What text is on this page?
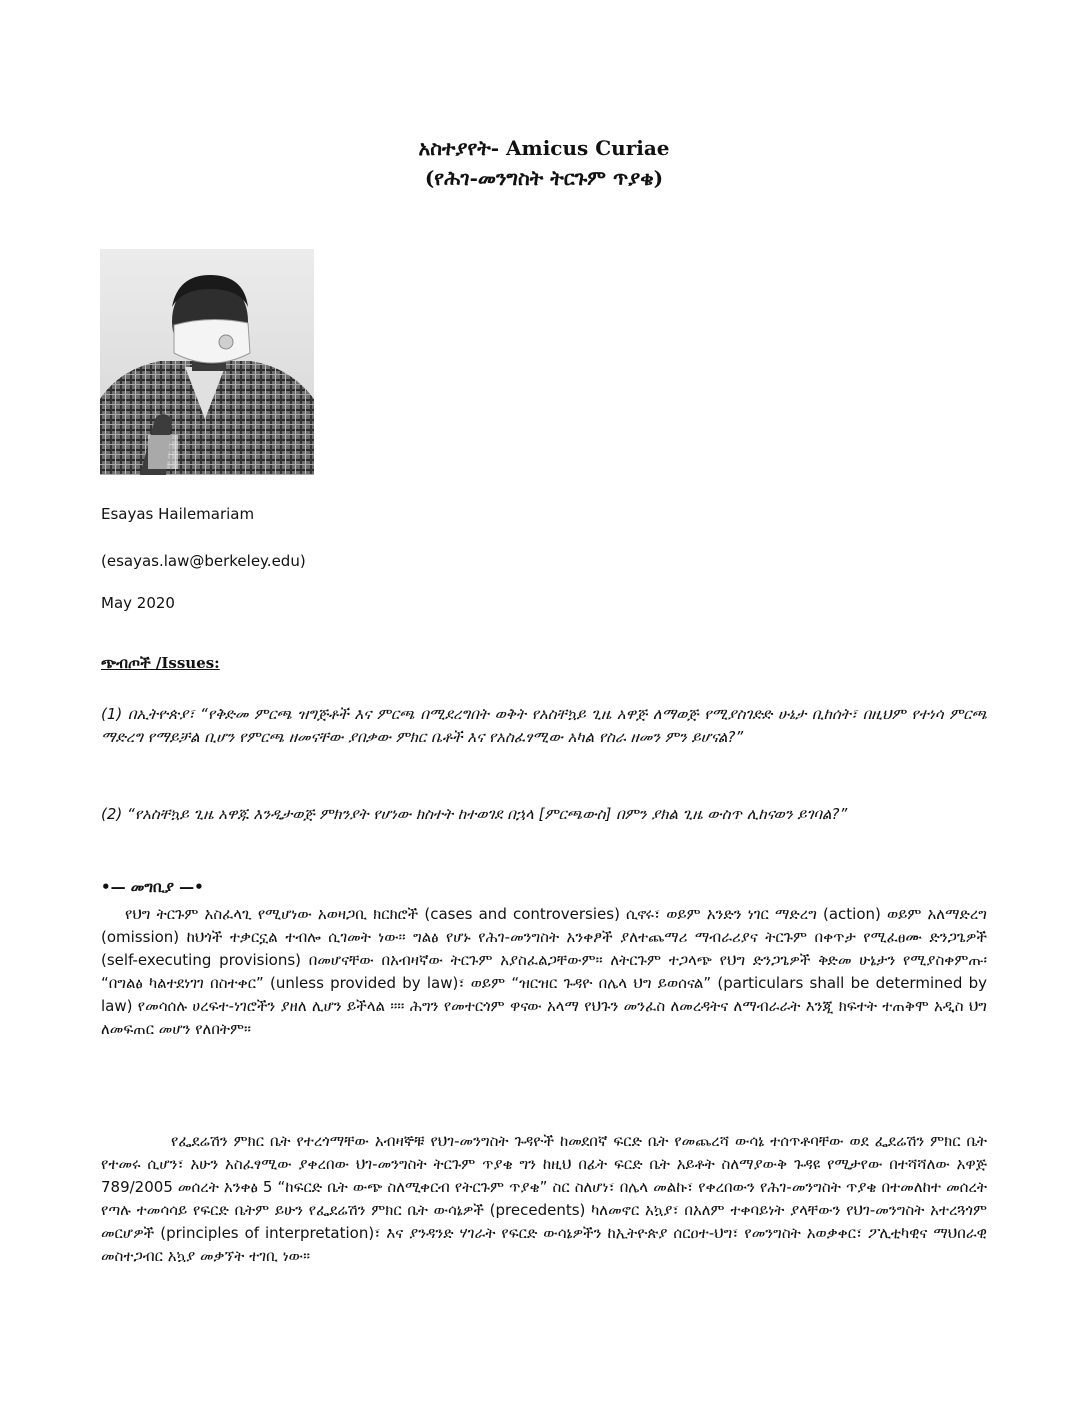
አስተያየት- Amicus Curiae
(የሕገ-መንግስት ትርጉም ጥያቄ)
Esayas Hailemariam
(esayas.law@berkeley.edu)
May 2020
ጭብጦች /Issues:
(1) በኢትዮጵያ፣ “የቅድመ ምርጫ ዝግጅቶች እና ምርጫ በሚደረግበት ወቅት የአስቸኳይ ጊዜ አዋጅ ለማወጅ የሚያስገድድ ሁኔታ ቢከሰት፣ በዚህም የተነሳ ምርጫ ማድረግ የማይቻል ቢሆን የምርጫ ዘመናቸው ያበቃው ምክር ቤቶች እና የአስፈፃሚው አካል የስራ ዘመን ምን ይሆናል?”
(2) “የአስቸኳይ ጊዜ አዋጁ እንዲታወጅ ምክንያት የሆነው ክስተት ከተወገደ በኋላ [ምርጫውስ] በምን ያክል ጊዜ ውስጥ ሊከናወን ይገባል?”
•— መግቢያ —•
የህግ ትርጉም አስፈላጊ የሚሆነው አወዛጋቢ ክርክሮች (cases and controversies) ሲኖሩ፣ ወይም አንድን ነገር ማድረግ (action) ወይም አለማድረግ (omission) ከህጎች ተቃርኗል ተብሎ ሲገመት ነው። ግልፅ የሆኑ የሕገ-መንግስት አንቀፆች ያለተጨማሪ ማብራሪያና ትርጉም በቀጥታ የሚፈፀሙ ድንጋጌዎች (self-executing provisions) በመሆናቸው በአብዛኛው ትርጉም አያስፈልጋቸውም። ለትርጉም ተጋላጭ የህግ ድንጋጌዎች ቅድመ ሁኔታን የሚያስቀምጡ፡ “በግልፅ ካልተደነገገ በስተቀር” (unless provided by law)፣ ወይም “ዝርዝር ጉዳዮ በሌላ ህግ ይወሰናል” (particulars shall be determined by law) የመሳሰሉ ሀረፍተ-ነገሮችን ያዘለ ሊሆን ይችላል ።። ሕግን የመተርጎም ዋናው አላማ የህጉን መንፈስ ለመረዳትና ለማብራራት እንጂ ክፍተት ተጠቅሞ አዲስ ህግ ለመፍጠር መሆን የለበትም።
የፌደሬሽን ምክር ቤት የተረጎማቸው አብዛኞቹ የህገ-መንግስት ጉዳዮች ከመደበኛ ፍርድ ቤት የመጨረሻ ውሳኔ ተሰጥቶባቸው ወደ ፌደሬሽን ምክር ቤት የተመሩ ሲሆን፣ አሁን አስፈፃሚው ያቀረበው ህገ-መንግስት ትርጉም ጥያቄ ግን ከዚህ በፊት ፍርድ ቤት አይቶት ስለማያውቅ ጉዳዩ የሚታየው በተሻሻለው አዋጅ 789/2005 መሰረት አንቀፅ 5 “ከፍርድ ቤት ውጭ ስለሚቀርብ የትርጉም ጥያቄ” ስር ስለሆነ፣ በሌላ መልኩ፣ የቀረበውን የሕገ-መንግስት ጥያቄ በተመለከተ መሰረት የጣሉ ተመሳሳይ የፍርድ ቤትም ይሁን የፌደሬሽን ምክር ቤት ውሳኔዎች (precedents) ካለመኖር አኳያ፣ በአለም ተቀባይነት ያላቸውን የህገ-መንግስት አተረጓጎም መርሆዎች (principles of interpretation)፣ እና ያንዳንድ ሃገራት የፍርድ ውሳኔዎችን ከኢትዮጵያ ሰርዐተ-ህግ፣ የመንግስት አወቃቀር፣ ፖሊቲካዊና ማህበራዊ መስተጋብር አኳያ መቃኘት ተገቢ ነው።
